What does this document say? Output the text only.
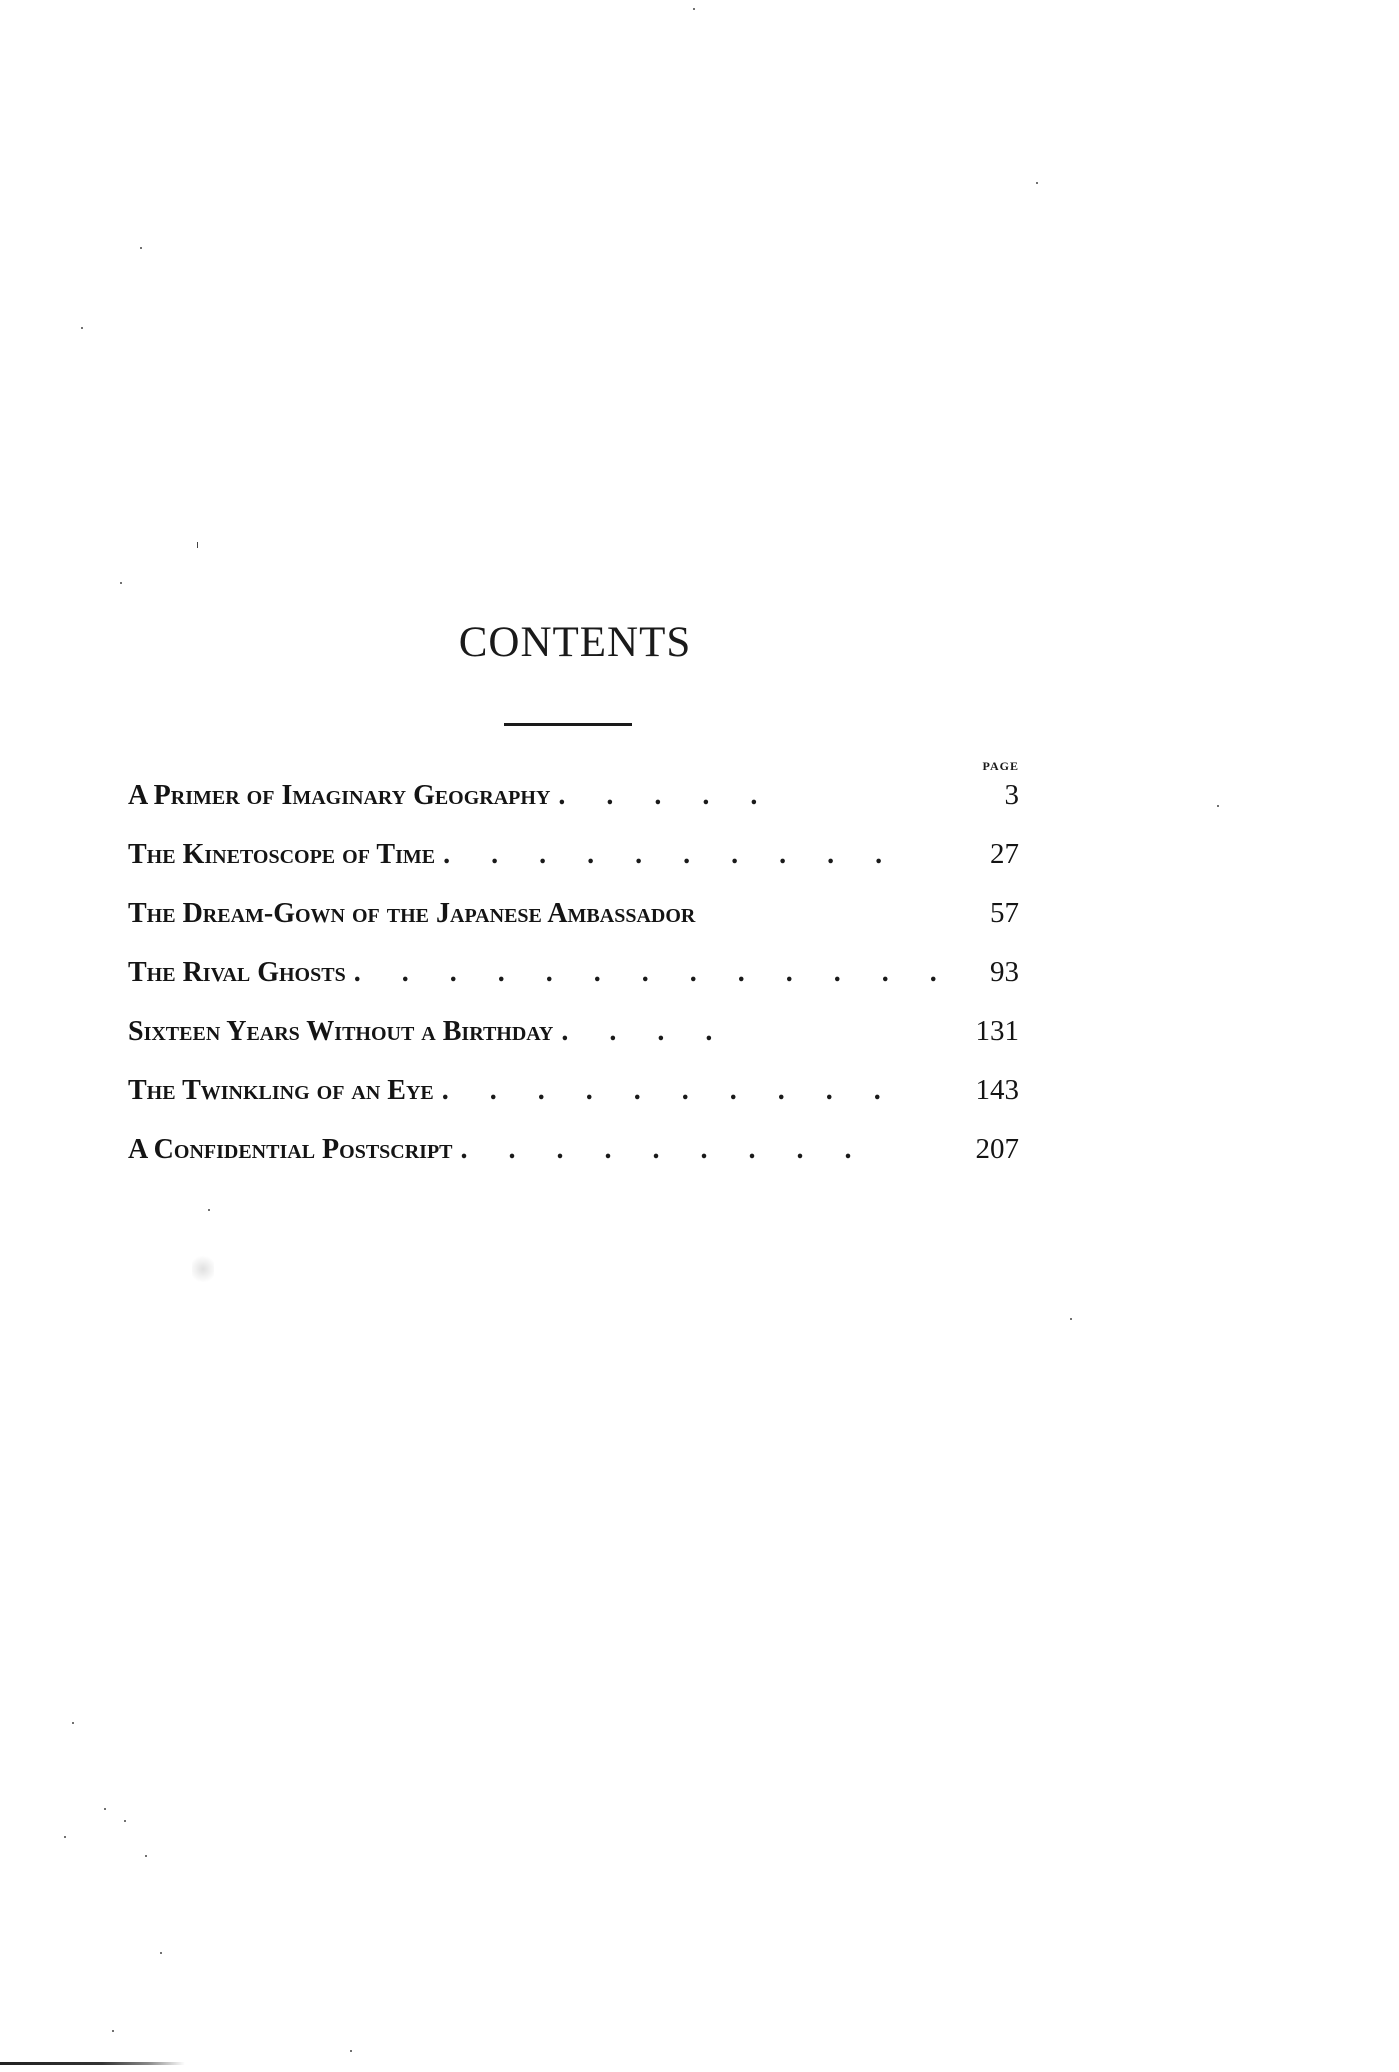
CONTENTS
PAGE
A Primer of Imaginary Geography . . . . .	3
The Kinetoscope of Time . . . . . . . . . .	27
The Dream-Gown of the Japanese Ambassador	57
The Rival Ghosts . . . . . . . . . . . . .	93
Sixteen Years Without a Birthday . . . .	131
The Twinkling of an Eye . . . . . . . . . .	143
A Confidential Postscript . . . . . . . . .	207
